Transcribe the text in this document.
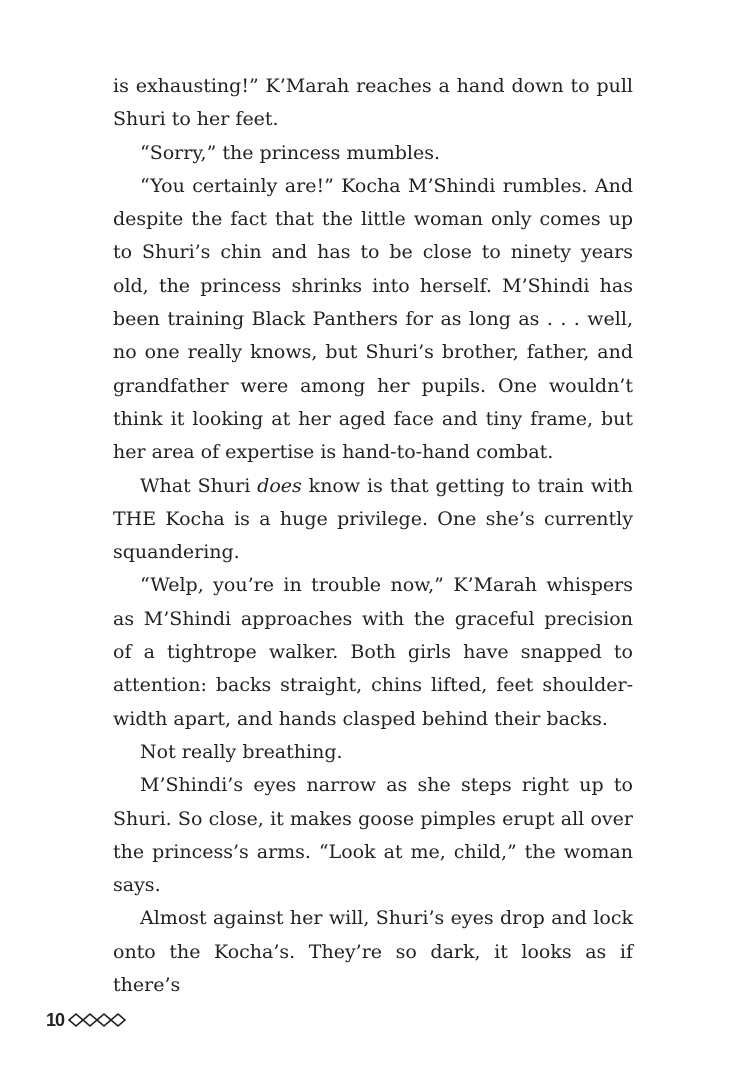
is exhausting!” K’Marah reaches a hand down to pull Shuri to her feet.

“Sorry,” the princess mumbles.

“You certainly are!” Kocha M’Shindi rumbles. And despite the fact that the little woman only comes up to Shuri’s chin and has to be close to ninety years old, the princess shrinks into herself. M’Shindi has been training Black Panthers for as long as . . . well, no one really knows, but Shuri’s brother, father, and grandfather were among her pupils. One wouldn’t think it looking at her aged face and tiny frame, but her area of expertise is hand-to-hand combat.

What Shuri does know is that getting to train with THE Kocha is a huge privilege. One she’s currently squandering.

“Welp, you’re in trouble now,” K’Marah whispers as M’Shindi approaches with the graceful precision of a tightrope walker. Both girls have snapped to attention: backs straight, chins lifted, feet shoulder-width apart, and hands clasped behind their backs.

Not really breathing.

M’Shindi’s eyes narrow as she steps right up to Shuri. So close, it makes goose pimples erupt all over the princess’s arms. “Look at me, child,” the woman says.

Almost against her will, Shuri’s eyes drop and lock onto the Kocha’s. They’re so dark, it looks as if there’s

10
